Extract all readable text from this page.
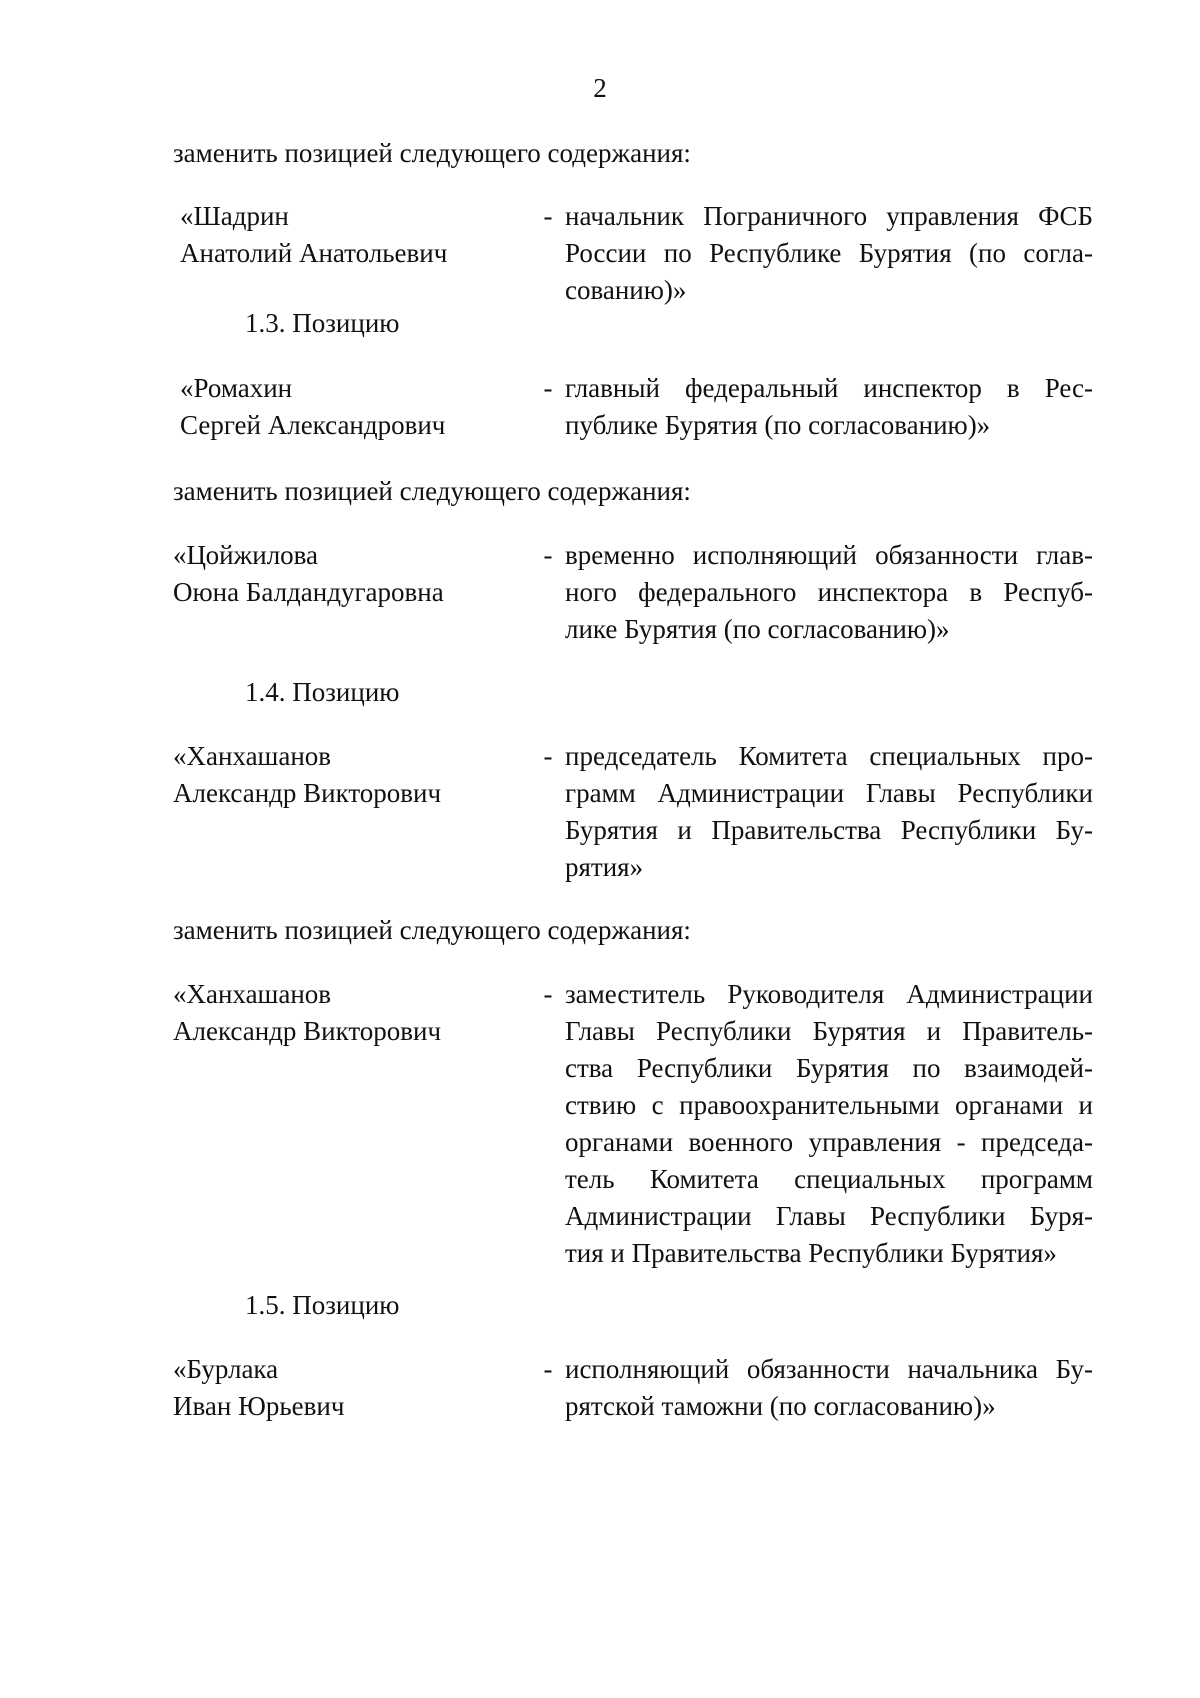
2
заменить позицией следующего содержания:
«Шадрин
Анатолий Анатольевич
- начальник Пограничного управления ФСБ
России по Республике Бурятия (по согла-
сованию)»
1.3. Позицию
«Ромахин
Сергей Александрович
- главный федеральный инспектор в Рес-
публике Бурятия (по согласованию)»
заменить позицией следующего содержания:
«Цойжилова
Оюна Балдандугаровна
- временно исполняющий обязанности глав-
ного федерального инспектора в Респуб-
лике Бурятия (по согласованию)»
1.4. Позицию
«Ханхашанов
Александр Викторович
- председатель Комитета специальных про-
грамм Администрации Главы Республики
Бурятия и Правительства Республики Бу-
рятия»
заменить позицией следующего содержания:
«Ханхашанов
Александр Викторович
- заместитель Руководителя Администрации
Главы Республики Бурятия и Правитель-
ства Республики Бурятия по взаимодей-
ствию с правоохранительными органами и
органами военного управления - председа-
тель Комитета специальных программ
Администрации Главы Республики Буря-
тия и Правительства Республики Бурятия»
1.5. Позицию
«Бурлака
Иван Юрьевич
- исполняющий обязанности начальника Бу-
рятской таможни (по согласованию)»
